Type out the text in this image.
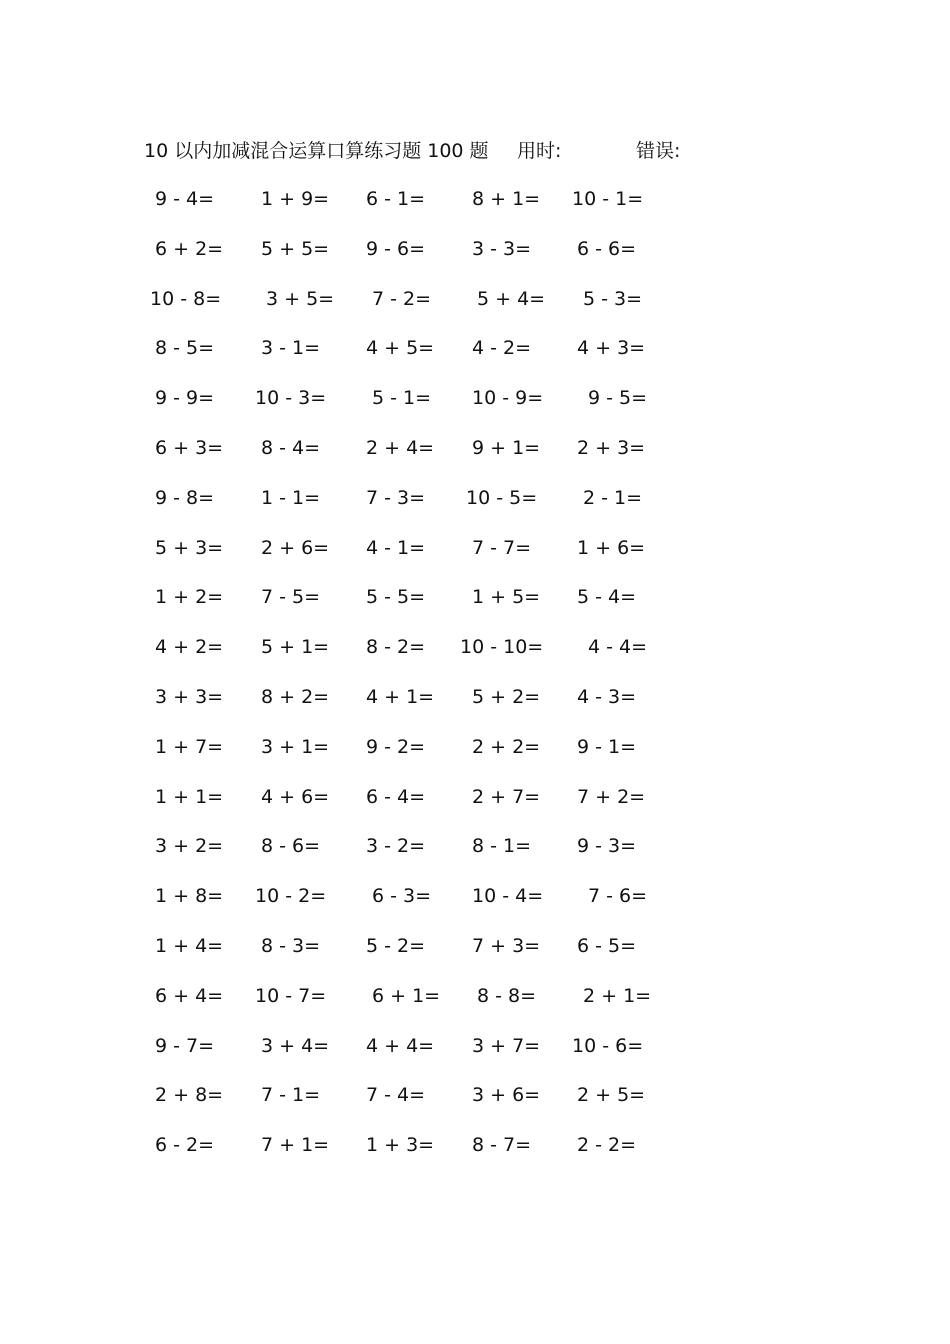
10 以内加减混合运算口算练习题 100 题 用时:	错误:
9 - 4= 1 + 9= 6 - 1= 8 + 1= 10 - 1=
6 + 2= 5 + 5= 9 - 6= 3 - 3= 6 - 6=
10 - 8= 3 + 5= 7 - 2= 5 + 4= 5 - 3=
8 - 5= 3 - 1= 4 + 5= 4 - 2= 4 + 3=
9 - 9= 10 - 3= 5 - 1= 10 - 9= 9 - 5=
6 + 3= 8 - 4= 2 + 4= 9 + 1= 2 + 3=
9 - 8= 1 - 1= 7 - 3= 10 - 5= 2 - 1=
5 + 3= 2 + 6= 4 - 1= 7 - 7= 1 + 6=
1 + 2= 7 - 5= 5 - 5= 1 + 5= 5 - 4=
4 + 2= 5 + 1= 8 - 2= 10 - 10= 4 - 4=
3 + 3= 8 + 2= 4 + 1= 5 + 2= 4 - 3=
1 + 7= 3 + 1= 9 - 2= 2 + 2= 9 - 1=
1 + 1= 4 + 6= 6 - 4= 2 + 7= 7 + 2=
3 + 2= 8 - 6= 3 - 2= 8 - 1= 9 - 3=
1 + 8= 10 - 2= 6 - 3= 10 - 4= 7 - 6=
1 + 4= 8 - 3= 5 - 2= 7 + 3= 6 - 5=
6 + 4= 10 - 7= 6 + 1= 8 - 8= 2 + 1=
9 - 7= 3 + 4= 4 + 4= 3 + 7= 10 - 6=
2 + 8= 7 - 1= 7 - 4= 3 + 6= 2 + 5=
6 - 2= 7 + 1= 1 + 3= 8 - 7= 2 - 2=
